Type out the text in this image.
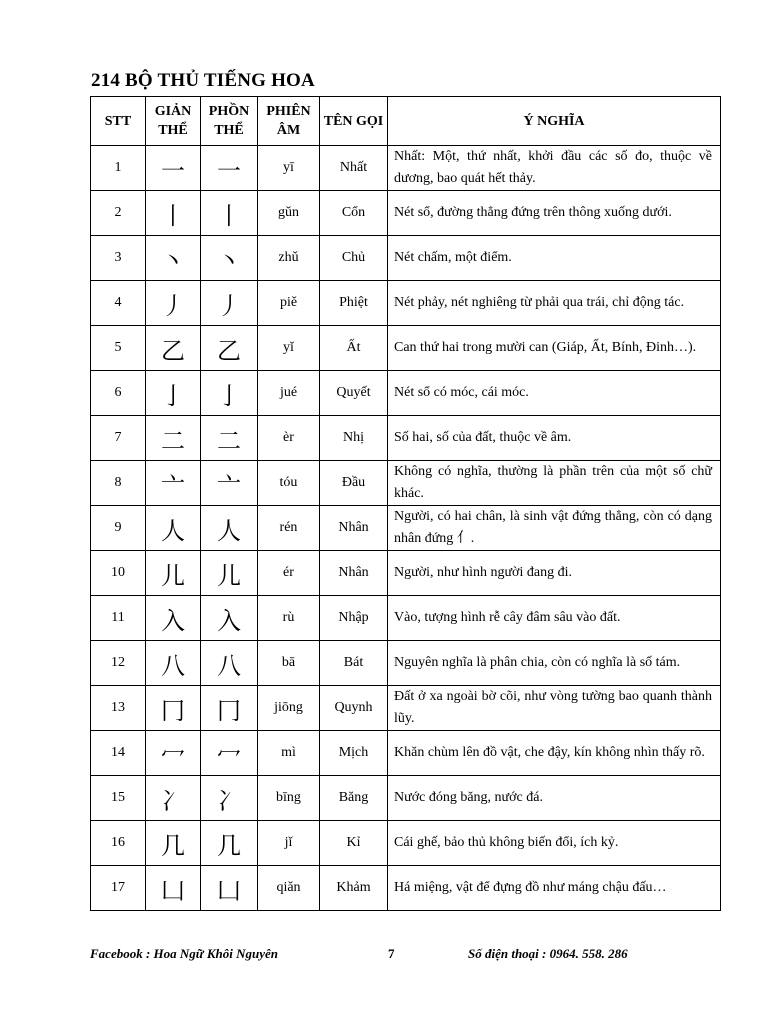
214 BỘ THỦ TIẾNG HOA
STT	GIẢN THỂ	PHỒN THỂ	PHIÊN ÂM	TÊN GỌI	Ý NGHĨA
1	一	一	yī	Nhất	Nhất: Một, thứ nhất, khởi đầu các số đo, thuộc về dương, bao quát hết thảy.
2	丨	丨	gǔn	Cổn	Nét sổ, đường thẳng đứng trên thông xuống dưới.
3	丶	丶	zhǔ	Chủ	Nét chấm, một điểm.
4	丿	丿	piě	Phiệt	Nét phảy, nét nghiêng từ phải qua trái, chỉ động tác.
5	乙	乙	yǐ	Ất	Can thứ hai trong mười can (Giáp, Ất, Bính, Đinh…).
6	亅	亅	jué	Quyết	Nét sổ có móc, cái móc.
7	二	二	èr	Nhị	Số hai, số của đất, thuộc về âm.
8	亠	亠	tóu	Đầu	Không có nghĩa, thường là phần trên của một số chữ khác.
9	人	人	rén	Nhân	Người, có hai chân, là sinh vật đứng thẳng, còn có dạng nhân đứng 亻.
10	儿	儿	ér	Nhân	Người, như hình người đang đi.
11	入	入	rù	Nhập	Vào, tượng hình rễ cây đâm sâu vào đất.
12	八	八	bā	Bát	Nguyên nghĩa là phân chia, còn có nghĩa là số tám.
13	冂	冂	jiōng	Quynh	Đất ở xa ngoài bờ cõi, như vòng tường bao quanh thành lũy.
14	冖	冖	mì	Mịch	Khăn chùm lên đồ vật, che đậy, kín không nhìn thấy rõ.
15	冫	冫	bīng	Băng	Nước đóng băng, nước đá.
16	几	几	jǐ	Kỉ	Cái ghế, bảo thủ không biến đổi, ích kỷ.
17	凵	凵	qiǎn	Khảm	Há miệng, vật để đựng đồ như máng chậu đấu…
Facebook : Hoa Ngữ Khôi Nguyên	7	Số điện thoại : 0964. 558. 286
